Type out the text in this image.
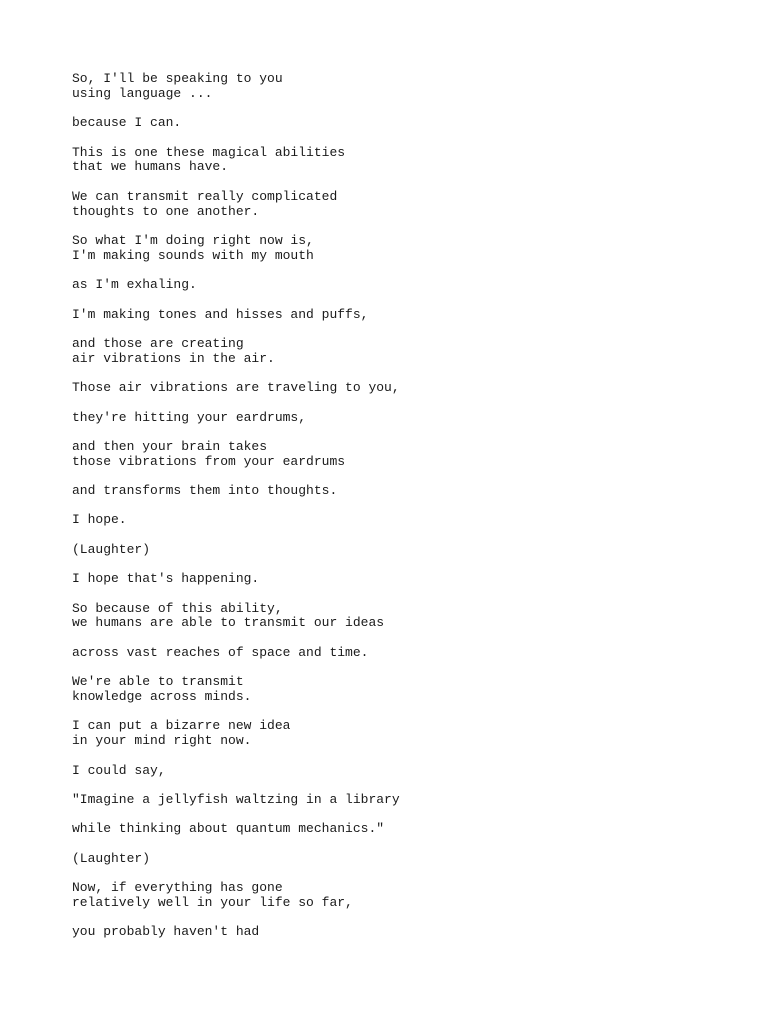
So, I'll be speaking to you
using language ...
because I can.
This is one these magical abilities
that we humans have.
We can transmit really complicated
thoughts to one another.
So what I'm doing right now is,
I'm making sounds with my mouth
as I'm exhaling.
I'm making tones and hisses and puffs,
and those are creating
air vibrations in the air.
Those air vibrations are traveling to you,
they're hitting your eardrums,
and then your brain takes
those vibrations from your eardrums
and transforms them into thoughts.
I hope.
(Laughter)
I hope that's happening.
So because of this ability,
we humans are able to transmit our ideas
across vast reaches of space and time.
We're able to transmit
knowledge across minds.
I can put a bizarre new idea
in your mind right now.
I could say,
"Imagine a jellyfish waltzing in a library
while thinking about quantum mechanics."
(Laughter)
Now, if everything has gone
relatively well in your life so far,
you probably haven't had
